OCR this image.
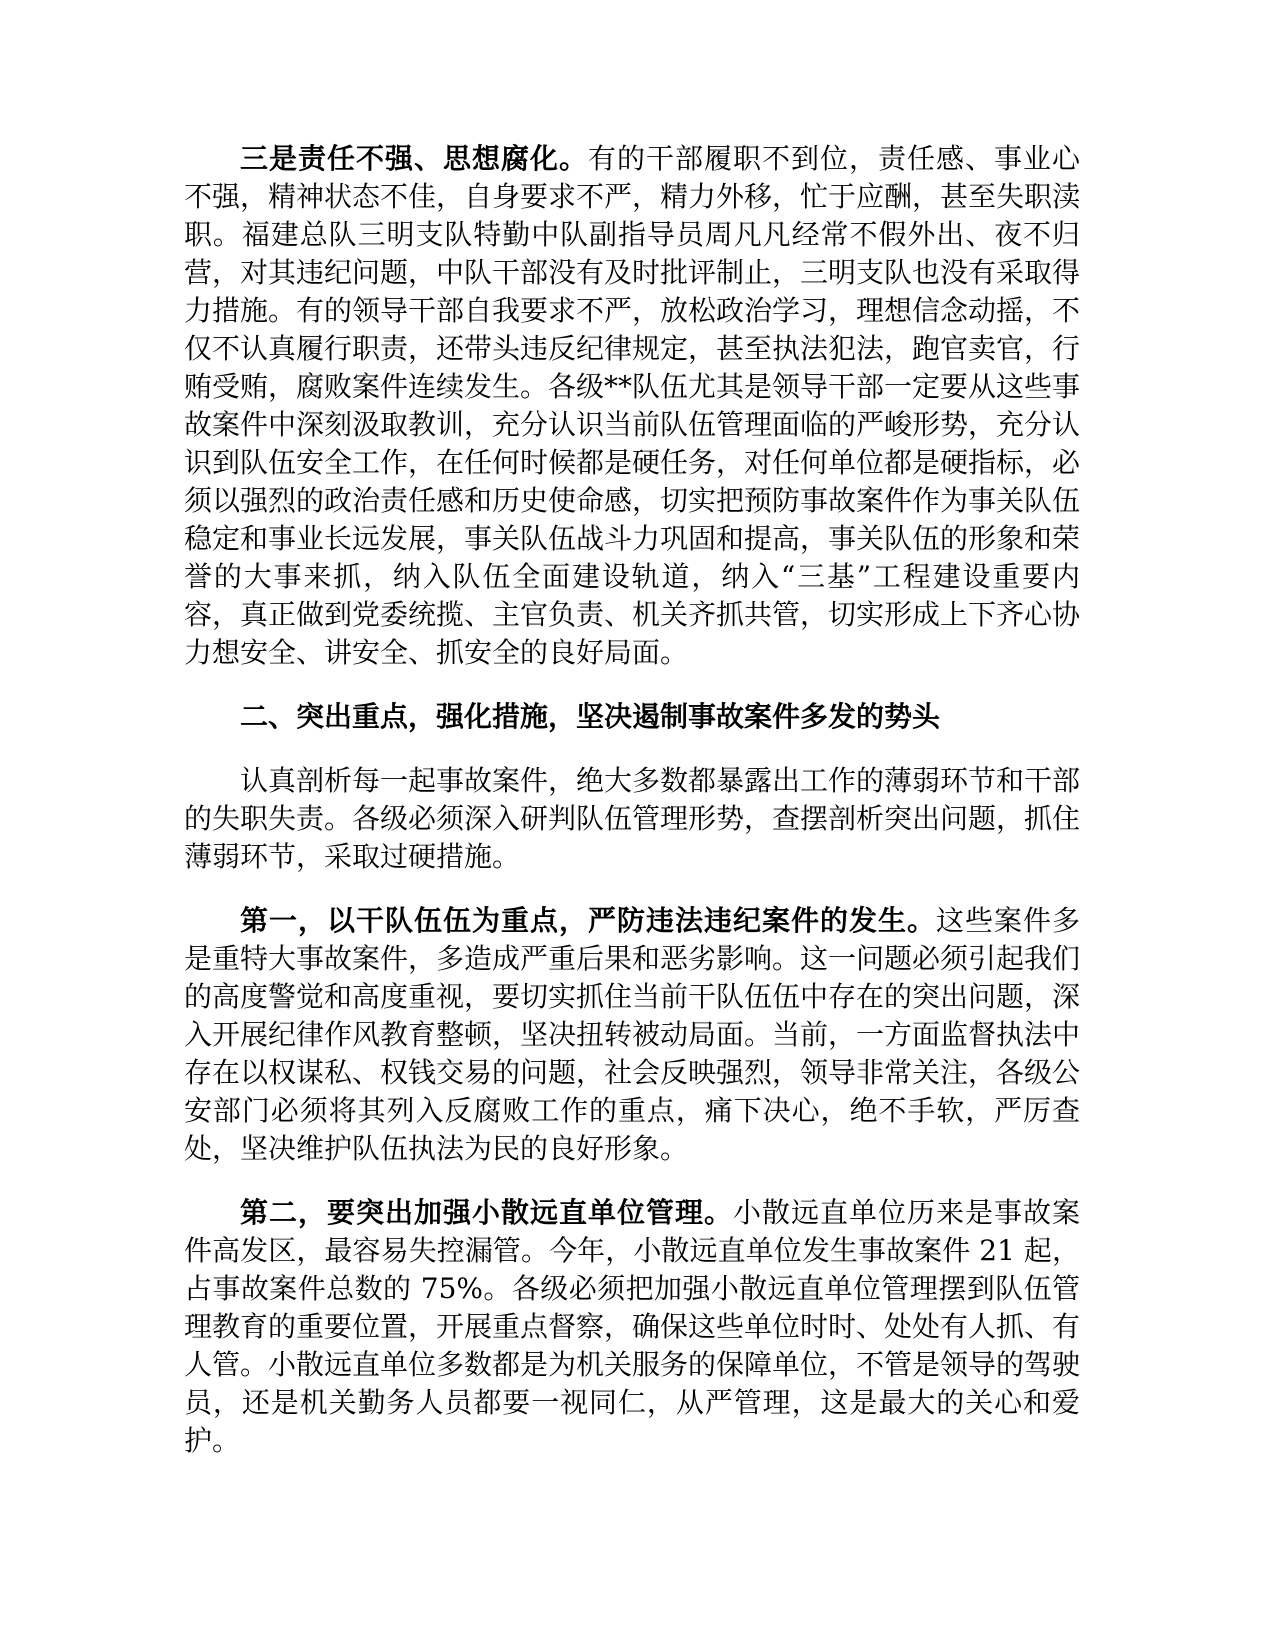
三是责任不强、思想腐化。有的干部履职不到位，责任感、事业心不强，精神状态不佳，自身要求不严，精力外移，忙于应酬，甚至失职渎职。福建总队三明支队特勤中队副指导员周凡凡经常不假外出、夜不归营，对其违纪问题，中队干部没有及时批评制止，三明支队也没有采取得力措施。有的领导干部自我要求不严，放松政治学习，理想信念动摇，不仅不认真履行职责，还带头违反纪律规定，甚至执法犯法，跑官卖官，行贿受贿，腐败案件连续发生。各级**队伍尤其是领导干部一定要从这些事故案件中深刻汲取教训，充分认识当前队伍管理面临的严峻形势，充分认识到队伍安全工作，在任何时候都是硬任务，对任何单位都是硬指标，必须以强烈的政治责任感和历史使命感，切实把预防事故案件作为事关队伍稳定和事业长远发展，事关队伍战斗力巩固和提高，事关队伍的形象和荣誉的大事来抓，纳入队伍全面建设轨道，纳入“三基”工程建设重要内容，真正做到党委统揽、主官负责、机关齐抓共管，切实形成上下齐心协力想安全、讲安全、抓安全的良好局面。

二、突出重点，强化措施，坚决遏制事故案件多发的势头

认真剖析每一起事故案件，绝大多数都暴露出工作的薄弱环节和干部的失职失责。各级必须深入研判队伍管理形势，查摆剖析突出问题，抓住薄弱环节，采取过硬措施。

第一，以干队伍伍为重点，严防违法违纪案件的发生。这些案件多是重特大事故案件，多造成严重后果和恶劣影响。这一问题必须引起我们的高度警觉和高度重视，要切实抓住当前干队伍伍中存在的突出问题，深入开展纪律作风教育整顿，坚决扭转被动局面。当前，一方面监督执法中存在以权谋私、权钱交易的问题，社会反映强烈，领导非常关注，各级公安部门必须将其列入反腐败工作的重点，痛下决心，绝不手软，严厉查处，坚决维护队伍执法为民的良好形象。

第二，要突出加强小散远直单位管理。小散远直单位历来是事故案件高发区，最容易失控漏管。今年，小散远直单位发生事故案件 21 起，占事故案件总数的 75%。各级必须把加强小散远直单位管理摆到队伍管理教育的重要位置，开展重点督察，确保这些单位时时、处处有人抓、有人管。小散远直单位多数都是为机关服务的保障单位，不管是领导的驾驶员，还是机关勤务人员都要一视同仁，从严管理，这是最大的关心和爱护。
